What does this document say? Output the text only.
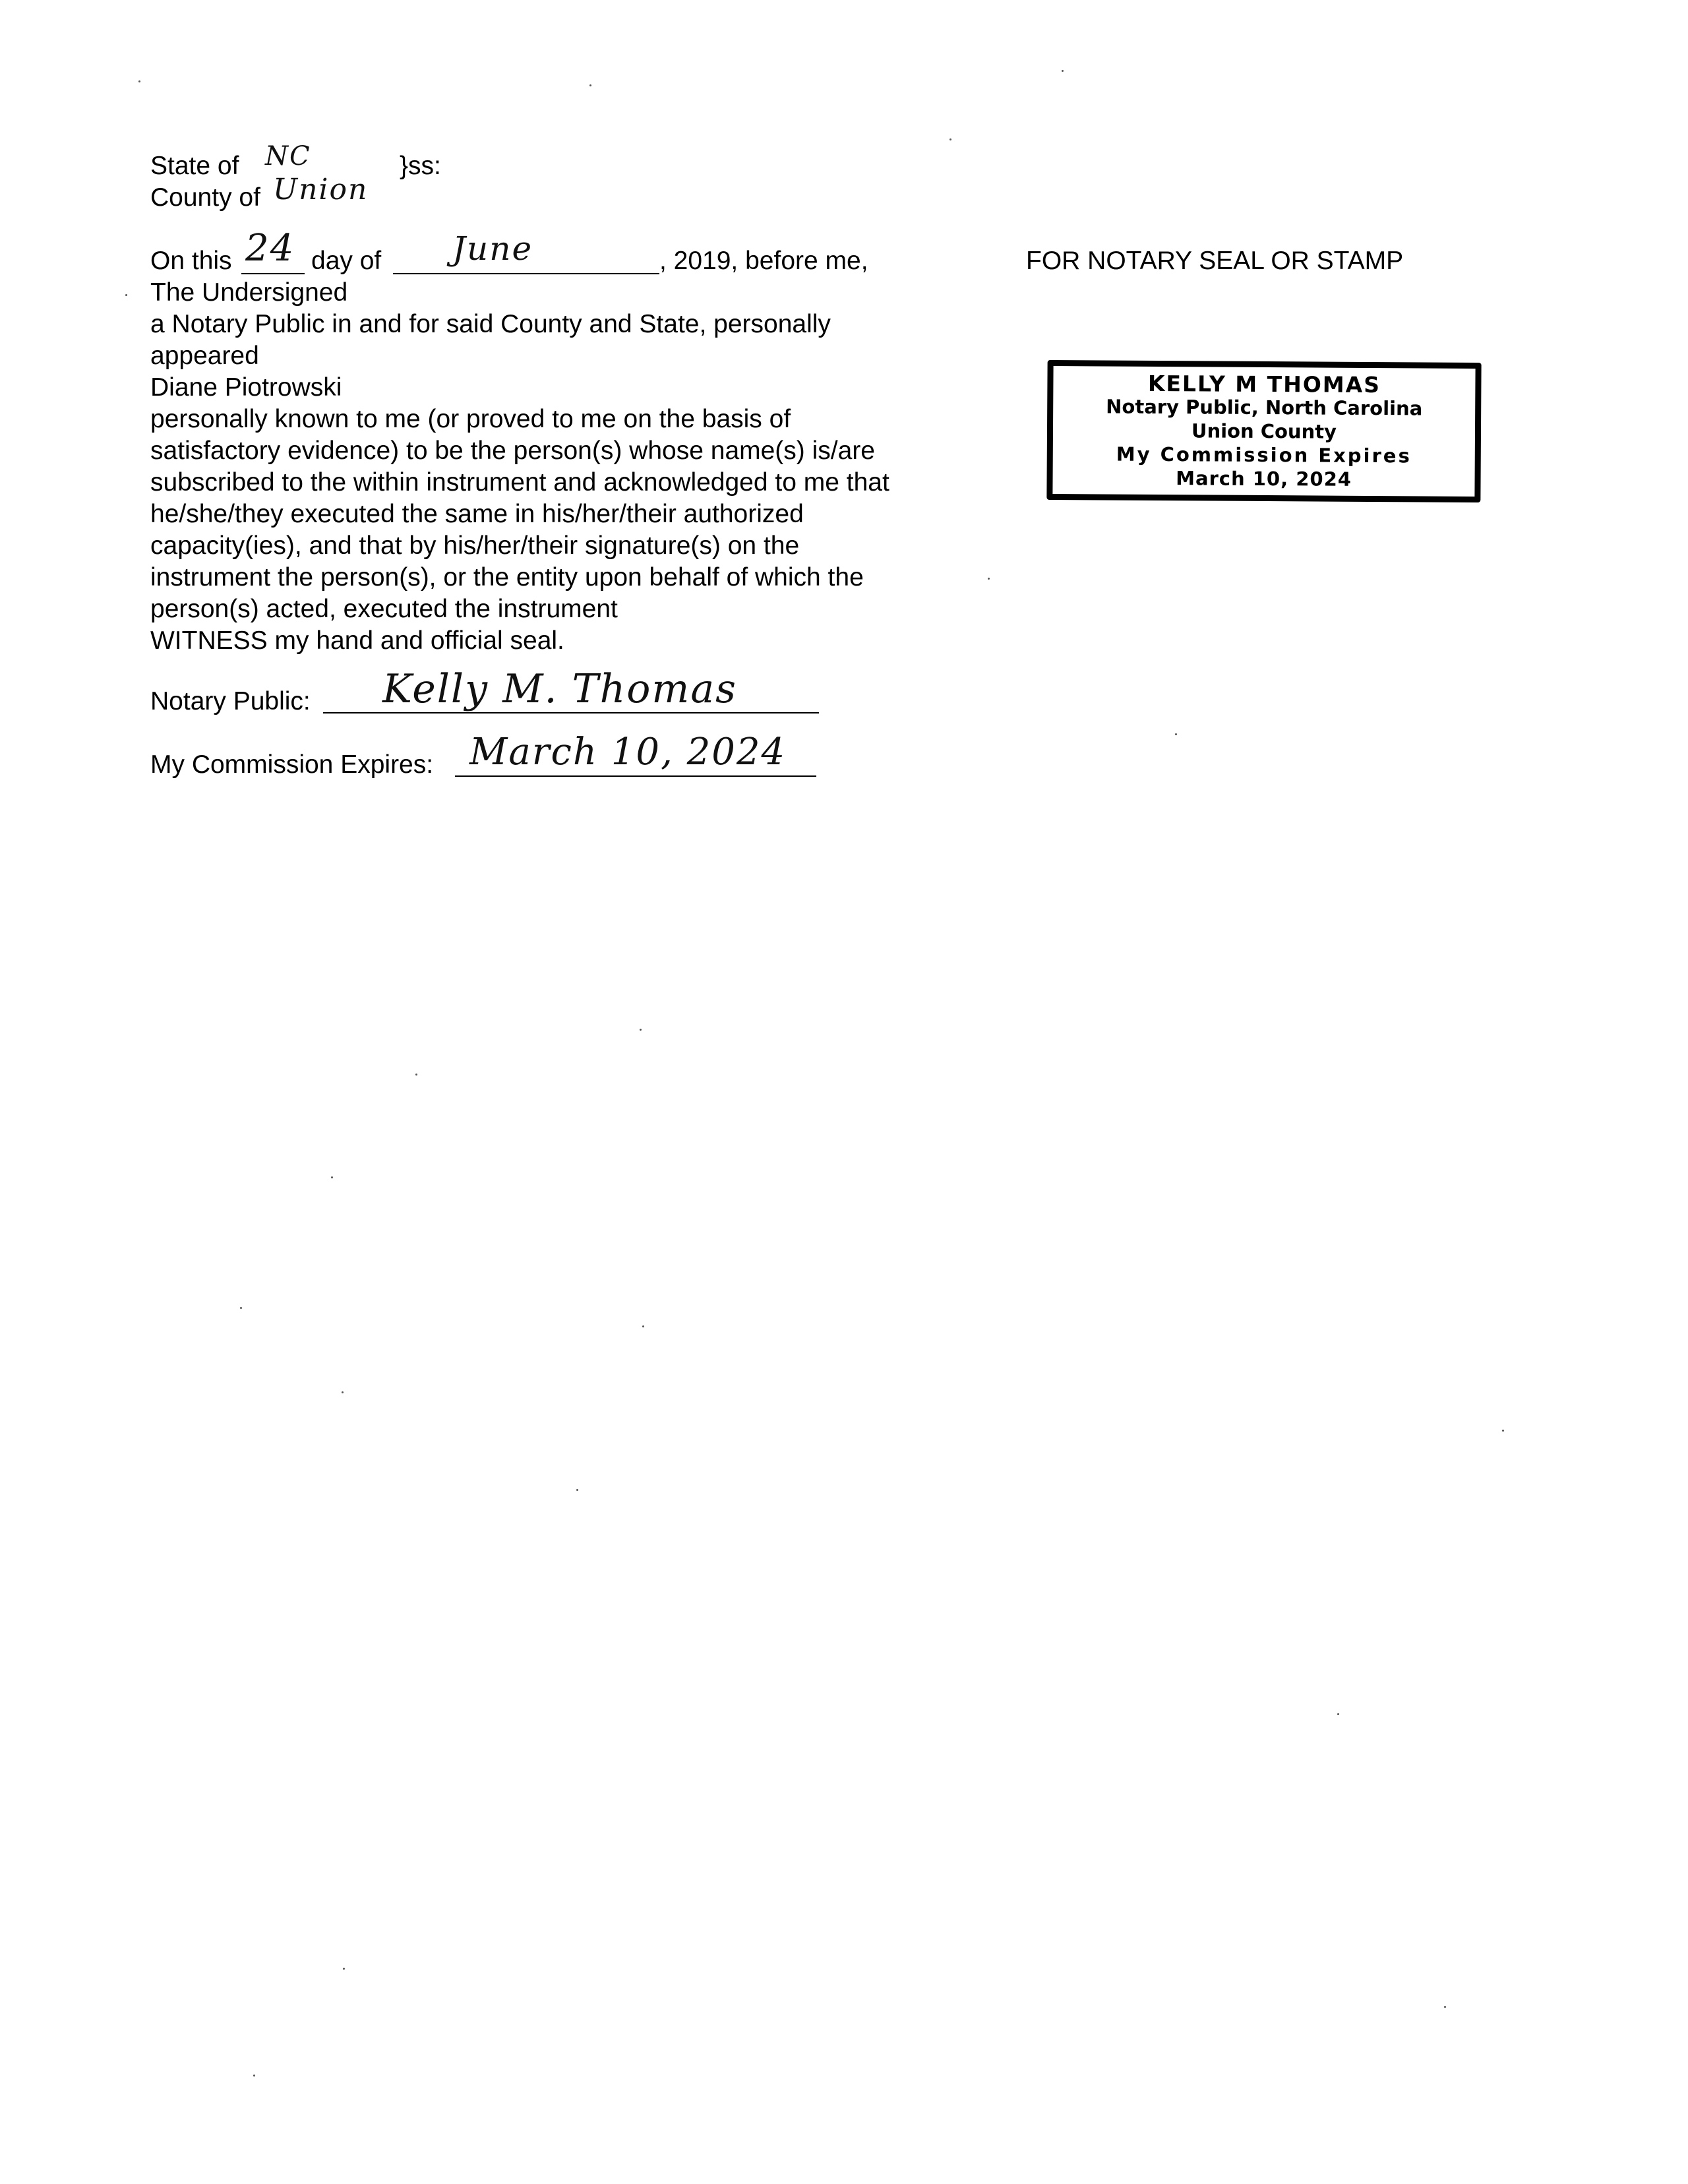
State of NC	}ss:
County of Union
On this 24 day of June	, 2019, before me,
The Undersigned
a Notary Public in and for said County and State, personally
appeared
Diane Piotrowski
personally known to me (or proved to me on the basis of
satisfactory evidence) to be the person(s) whose name(s) is/are
subscribed to the within instrument and acknowledged to me that
he/she/they executed the same in his/her/their authorized
capacity(ies), and that by his/her/their signature(s) on the
instrument the person(s), or the entity upon behalf of which the
person(s) acted, executed the instrument
WITNESS my hand and official seal.
Notary Public: Kelly M. Thomas
My Commission Expires: March 10, 2024
FOR NOTARY SEAL OR STAMP
KELLY M THOMAS
Notary Public, North Carolina
Union County
My Commission Expires
March 10, 2024
